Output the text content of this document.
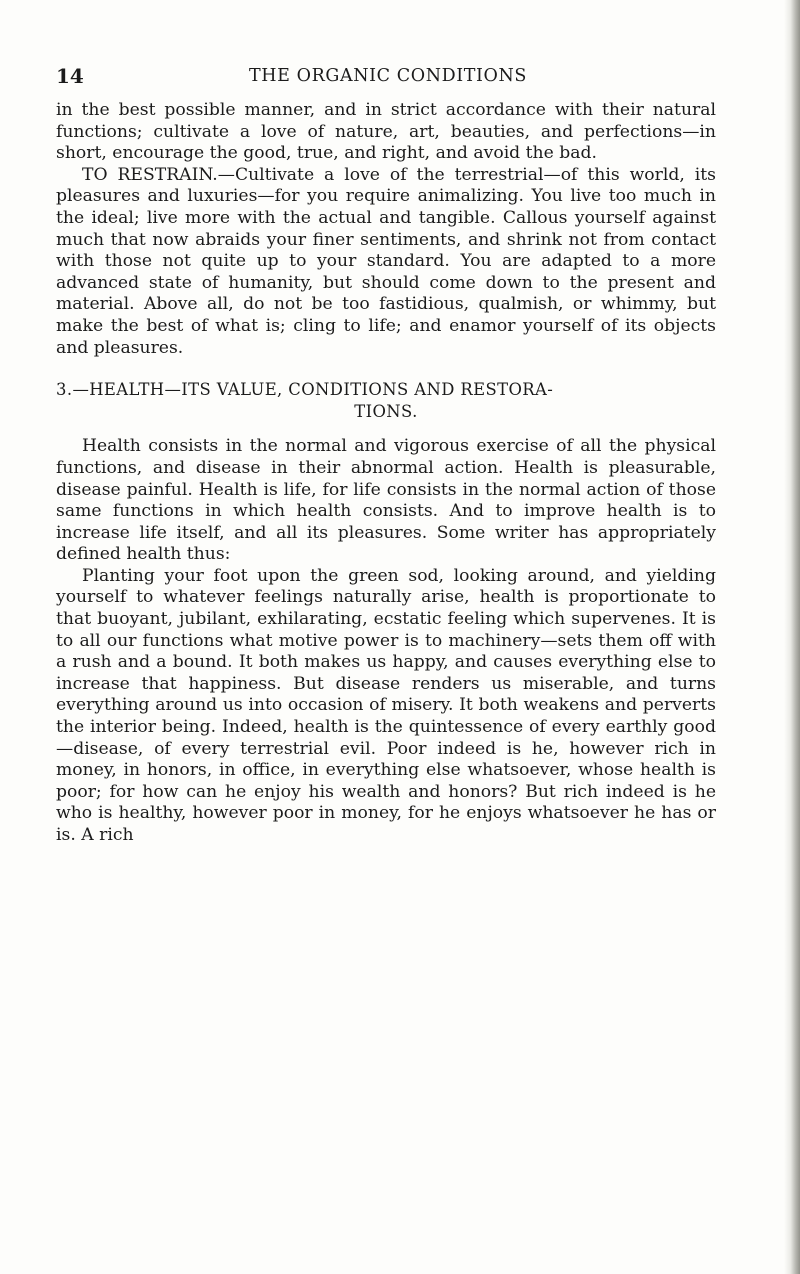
14	THE ORGANIC CONDITIONS

in the best possible manner, and in strict accordance with their natural functions; cultivate a love of nature, art, beauties, and perfections—in short, encourage the good, true, and right, and avoid the bad.

TO RESTRAIN.—Cultivate a love of the terrestrial—of this world, its pleasures and luxuries—for you require animalizing. You live too much in the ideal; live more with the actual and tangible. Callous yourself against much that now abraids your finer sentiments, and shrink not from contact with those not quite up to your standard. You are adapted to a more advanced state of humanity, but should come down to the present and material. Above all, do not be too fastidious, qualmish, or whimmy, but make the best of what is; cling to life; and enamor yourself of its objects and pleasures.

3.—HEALTH—ITS VALUE, CONDITIONS AND RESTORA-
TIONS.

Health consists in the normal and vigorous exercise of all the physical functions, and disease in their abnormal action. Health is pleasurable, disease painful. Health is life, for life consists in the normal action of those same functions in which health consists. And to improve health is to increase life itself, and all its pleasures. Some writer has appropriately defined health thus:

Planting your foot upon the green sod, looking around, and yielding yourself to whatever feelings naturally arise, health is proportionate to that buoyant, jubilant, exhilarating, ecstatic feeling which supervenes. It is to all our functions what motive power is to machinery—sets them off with a rush and a bound. It both makes us happy, and causes everything else to increase that happiness. But disease renders us miserable, and turns everything around us into occasion of misery. It both weakens and perverts the interior being. Indeed, health is the quintessence of every earthly good—disease, of every terrestrial evil. Poor indeed is he, however rich in money, in honors, in office, in everything else whatsoever, whose health is poor; for how can he enjoy his wealth and honors? But rich indeed is he who is healthy, however poor in money, for he enjoys whatsoever he has or is. A rich
